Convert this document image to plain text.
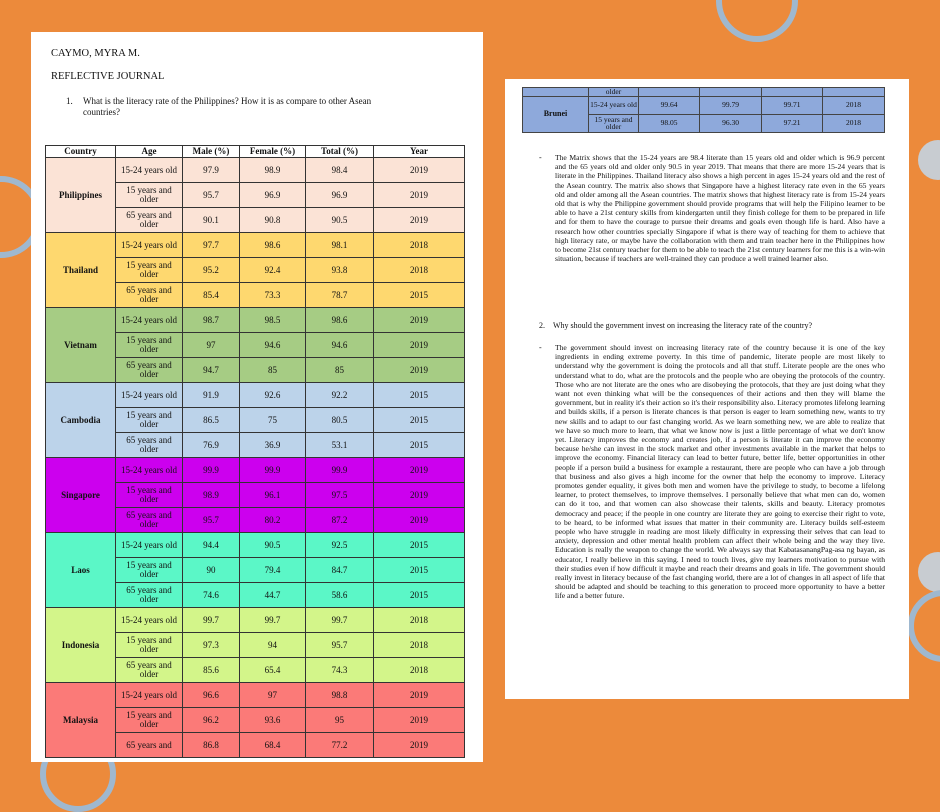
CAYMO, MYRA M.
REFLECTIVE JOURNAL
1. What is the literacy rate of the Philippines? How it is as compare to other Asean
countries?
Country	Age	Male (%)	Female (%)	Total (%)	Year
Philippines	15-24 years old	97.9	98.9	98.4	2019
	15 years and older	95.7	96.9	96.9	2019
	65 years and older	90.1	90.8	90.5	2019
Thailand	15-24 years old	97.7	98.6	98.1	2018
	15 years and older	95.2	92.4	93.8	2018
	65 years and older	85.4	73.3	78.7	2015
Vietnam	15-24 years old	98.7	98.5	98.6	2019
	15 years and older	97	94.6	94.6	2019
	65 years and older	94.7	85	85	2019
Cambodia	15-24 years old	91.9	92.6	92.2	2015
	15 years and older	86.5	75	80.5	2015
	65 years and older	76.9	36.9	53.1	2015
Singapore	15-24 years old	99.9	99.9	99.9	2019
	15 years and older	98.9	96.1	97.5	2019
	65 years and older	95.7	80.2	87.2	2019
Laos	15-24 years old	94.4	90.5	92.5	2015
	15 years and older	90	79.4	84.7	2015
	65 years and older	74.6	44.7	58.6	2015
Indonesia	15-24 years old	99.7	99.7	99.7	2018
	15 years and older	97.3	94	95.7	2018
	65 years and older	85.6	65.4	74.3	2018
Malaysia	15-24 years old	96.6	97	98.8	2019
	15 years and older	96.2	93.6	95	2019
	65 years and	86.8	68.4	77.2	2019
	older				
Brunei	15-24 years old	99.64	99.79	99.71	2018
	15 years and older	98.05	96.30	97.21	2018
- The Matrix shows that the 15-24 years are 98.4 literate than 15 years old and older which is 96.9 percent and the 65 years old and older only 90.5 in year 2019. That means that there are more 15-24 years that is literate in the Philippines. Thailand literacy also shows a high percent in ages 15-24 years old and the rest of the Asean country. The matrix also shows that Singapore have a highest literacy rate even in the 65 years old and older among all the Asean countries. The matrix shows that highest literacy rate is from 15-24 years old that is why the Philippine government should provide programs that will help the Filipino learner to be able to have a 21st century skills from kindergarten until they finish college for them to be prepared in life and for them to have the courage to pursue their dreams and goals even though life is hard. Also have a research how other countries specially Singapore if what is there way of teaching for them to achieve that high literacy rate, or maybe have the collaboration with them and train teacher here in the Philippines how to become 21st century teacher for them to be able to teach the 21st century learners for me this is a win-win situation, because if teachers are well-trained they can produce a well trained learner also.
2. Why should the government invest on increasing the literacy rate of the country?
- The government should invest on increasing literacy rate of the country because it is one of the key ingredients in ending extreme poverty. In this time of pandemic, literate people are most likely to understand why the government is doing the protocols and all that stuff. Literate people are the ones who understand what to do, what are the protocols and the people who are obeying the protocols of the country. Those who are not literate are the ones who are disobeying the protocols, that they are just doing what they want not even thinking what will be the consequences of their actions and then they will blame the government, but in reality it's their action so it's their responsibility also. Literacy promotes lifelong learning and builds skills, if a person is literate chances is that person is eager to learn something new, wants to try new skills and to adapt to our fast changing world. As we learn something new, we are able to realize that we have so much more to learn, that what we know now is just a little percentage of what we don't know yet. Literacy improves the economy and creates job, if a person is literate it can improve the economy because he/she can invest in the stock market and other investments available in the market that helps to improve the economy. Financial literacy can lead to better future, better life, better opportunities in other people if a person build a business for example a restaurant, there are people who can have a job through that business and also gives a high income for the owner that help the economy to improve. Literacy promotes gender equality, it gives both men and women have the privilege to study, to become a lifelong learner, to protect themselves, to improve themselves. I personally believe that what men can do, women can do it too, and that women can also showcase their talents, skills and beauty. Literacy promotes democracy and peace; if the people in one country are literate they are going to exercise their right to vote, to be heard, to be informed what issues that matter in their community are. Literacy builds self-esteem people who have struggle in reading are most likely difficulty in expressing their selves that can lead to anxiety, depression and other mental health problem can affect their whole being and the way they live. Education is really the weapon to change the world. We always say that KabatasanangPag-asa ng bayan, as educator, I really believe in this saying. I need to touch lives, give my learners motivation to pursue with their studies even if how difficult it maybe and reach their dreams and goals in life. The government should really invest in literacy because of the fast changing world, there are a lot of changes in all aspect of life that should be adapted and should be teaching to this generation to proceed more opportunity to have a better life and a better future.
